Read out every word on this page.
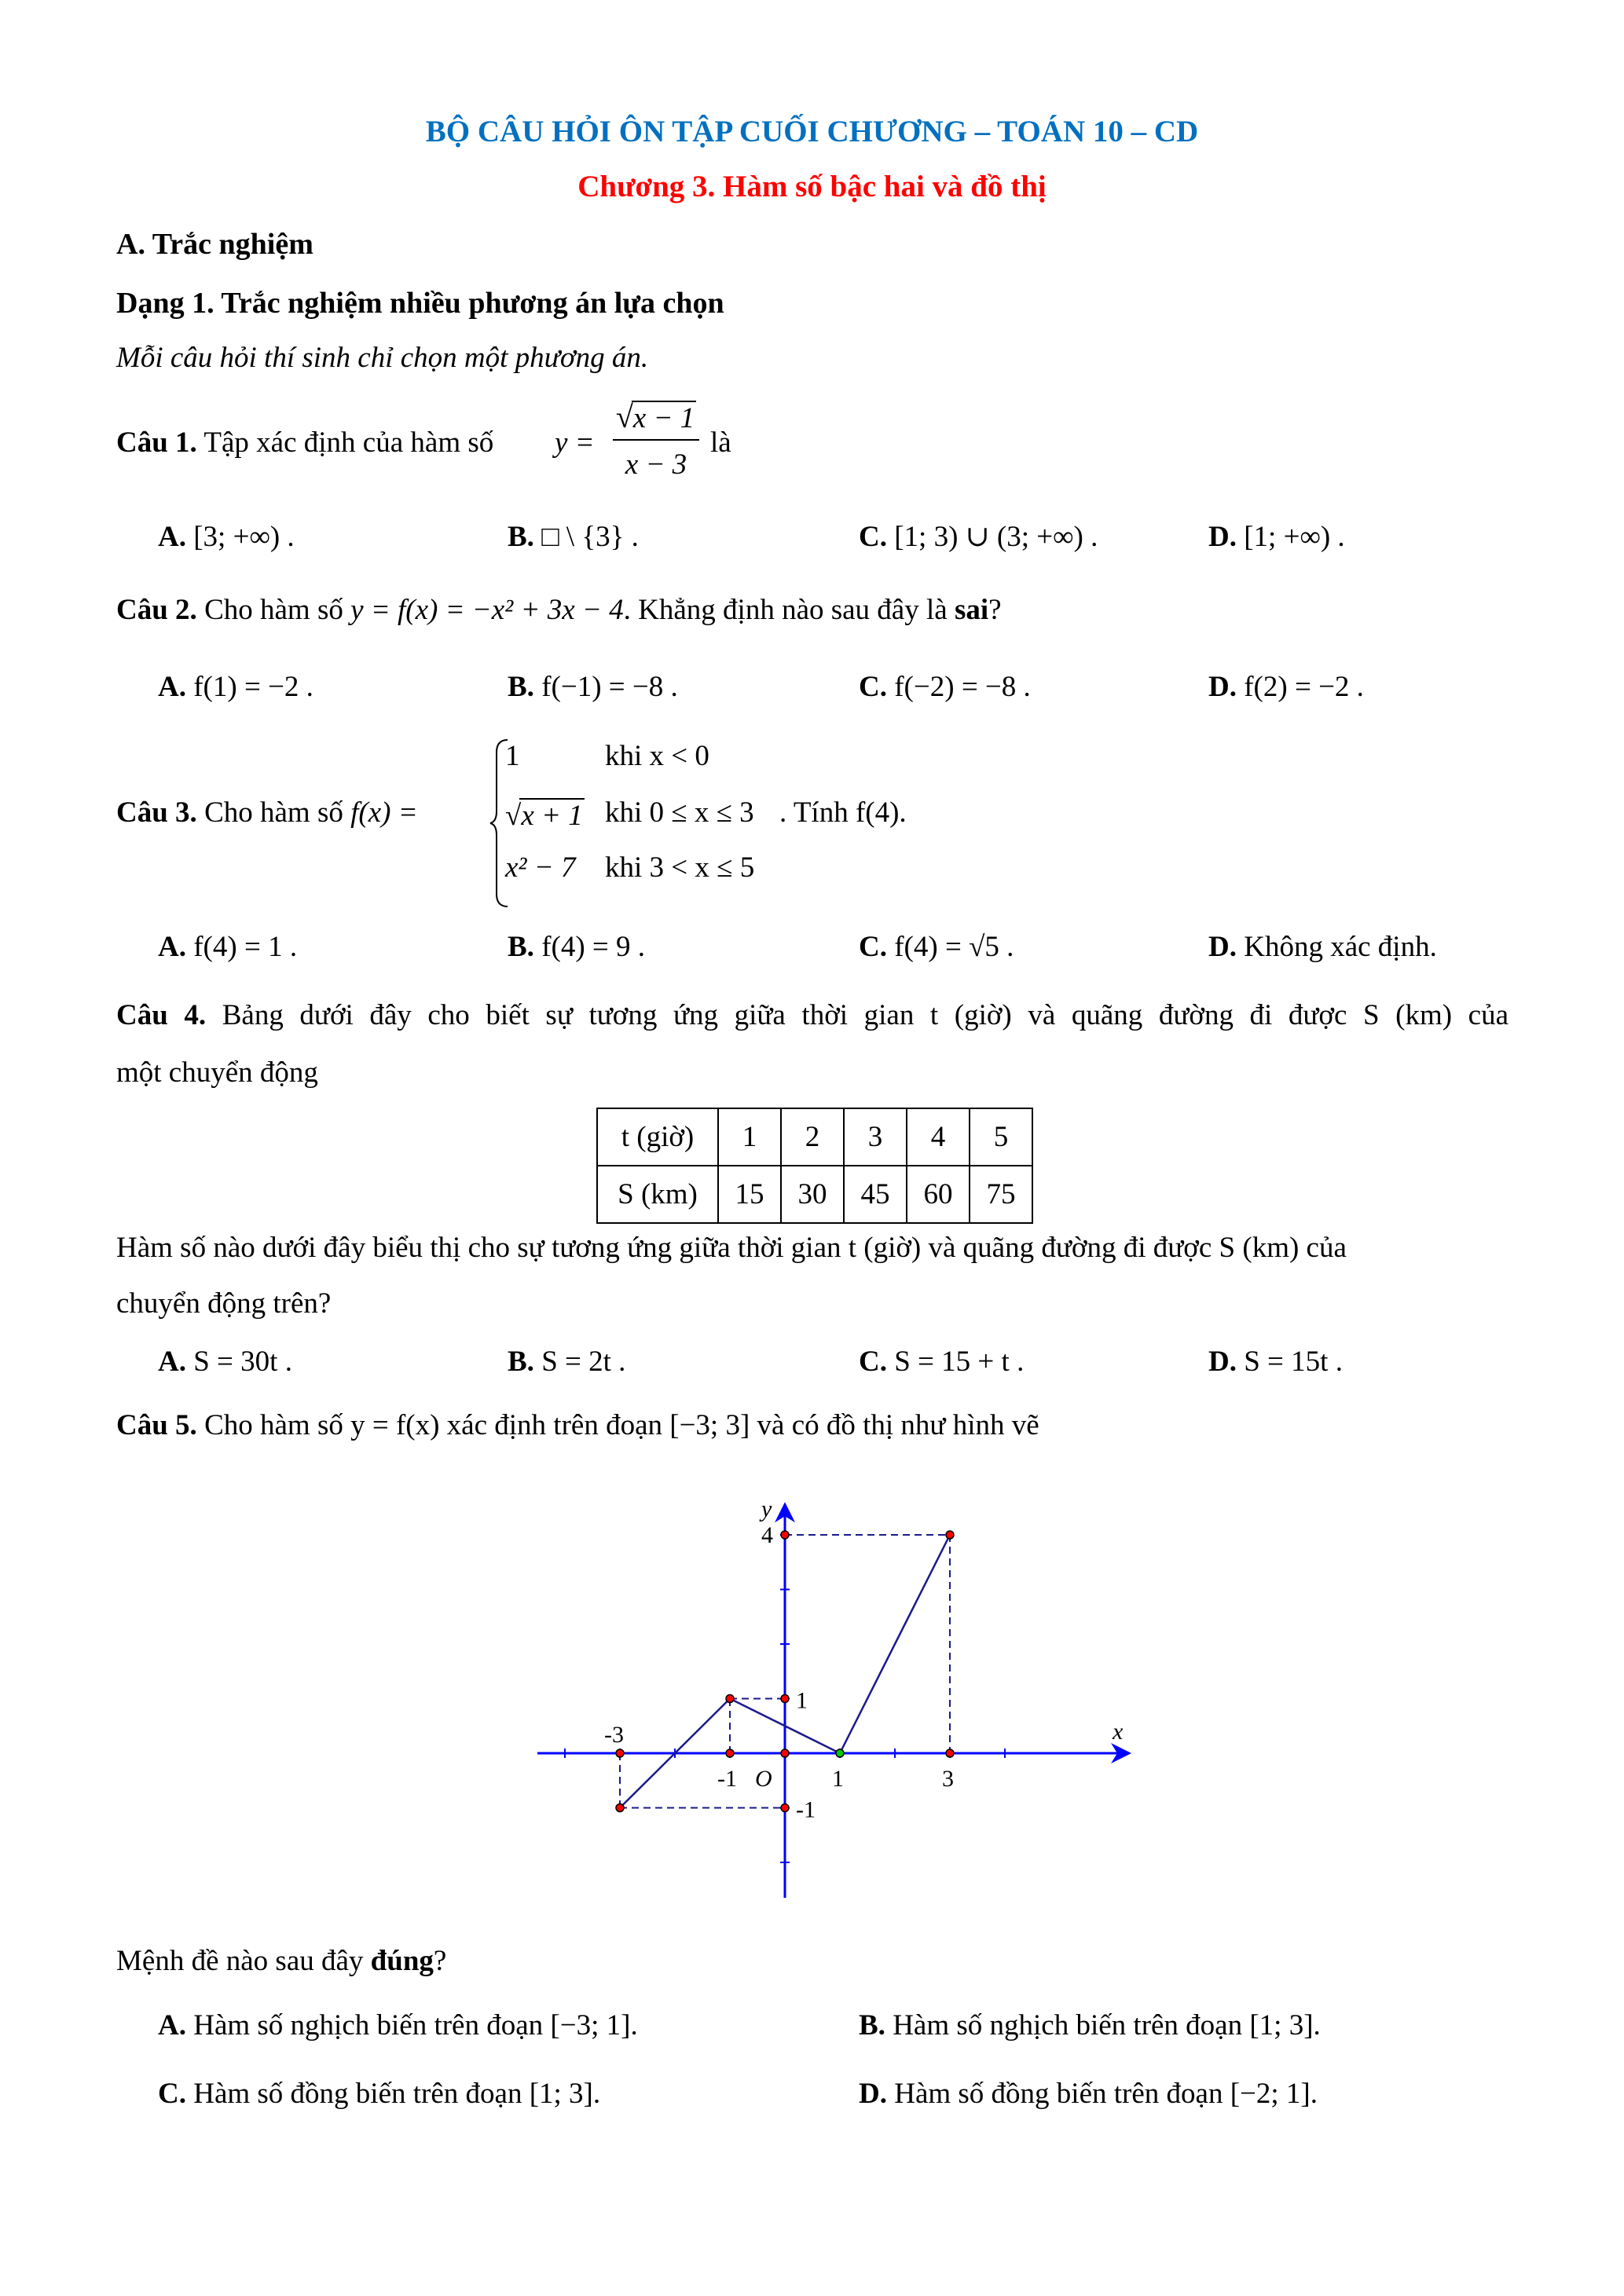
BỘ CÂU HỎI ÔN TẬP CUỐI CHƯƠNG – TOÁN 10 – CD
Chương 3. Hàm số bậc hai và đồ thị
A. Trắc nghiệm
Dạng 1. Trắc nghiệm nhiều phương án lựa chọn
Mỗi câu hỏi thí sinh chỉ chọn một phương án.
Câu 1. Tập xác định của hàm số y =
√x − 1
x − 3
là
A. [3; +∞) .	B. □ \ {3} .	C. [1; 3) ∪ (3; +∞) .	D. [1; +∞) .
Câu 2. Cho hàm số y = f(x) = −x² + 3x − 4. Khẳng định nào sau đây là sai?
A. f(1) = −2 .	B. f(−1) = −8 .	C. f(−2) = −8 .	D. f(2) = −2 .
Câu 3. Cho hàm số f(x) =
1	khi x < 0
√x + 1 khi 0 ≤ x ≤ 3
x² − 7 khi 3 < x ≤ 5
. Tính f(4).
A. f(4) = 1 .	B. f(4) = 9 .	C. f(4) = √5 .	D. Không xác định.
Câu 4. Bảng dưới đây cho biết sự tương ứng giữa thời gian t (giờ) và quãng đường đi được S (km) của
một chuyển động
t (giờ)	1	2	3	4	5
S (km)	15	30	45	60	75
Hàm số nào dưới đây biểu thị cho sự tương ứng giữa thời gian t (giờ) và quãng đường đi được S (km) của
chuyển động trên?
A. S = 30t .	B. S = 2t .	C. S = 15 + t .	D. S = 15t .
Câu 5. Cho hàm số y = f(x) xác định trên đoạn [−3; 3] và có đồ thị như hình vẽ
-3
-1	1	3
4
1
-1
O
x
y
Mệnh đề nào sau đây đúng?
A. Hàm số nghịch biến trên đoạn [−3; 1].	B. Hàm số nghịch biến trên đoạn [1; 3].
C. Hàm số đồng biến trên đoạn [1; 3].	D. Hàm số đồng biến trên đoạn [−2; 1].
